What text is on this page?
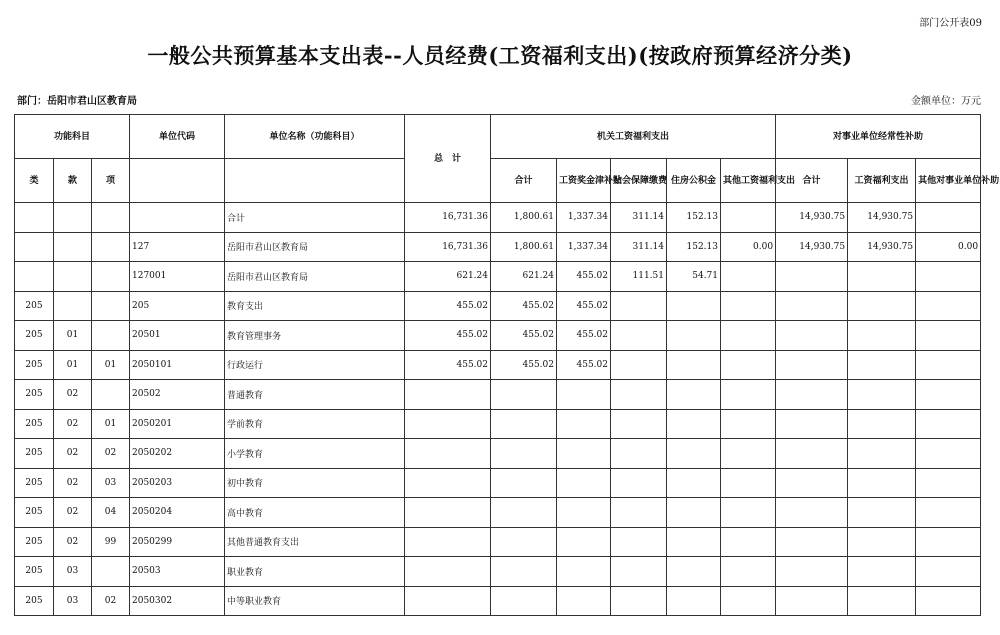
部门公开表09
一般公共预算基本支出表--人员经费(工资福利支出)(按政府预算经济分类)
部门：岳阳市君山区教育局	金额单位：万元
功能科目			单位代码	单位名称（功能科目）	总　计	机关工资福利支出					对事业单位经常性补助		
类	款	项											
						合计	工资奖金津补贴	社会保障缴费	住房公积金	其他工资福利支出	合计	工资福利支出	其他对事业单位补助
				合计	16,731.36	1,800.61	1,337.34	311.14	152.13		14,930.75	14,930.75	
			127	岳阳市君山区教育局	16,731.36	1,800.61	1,337.34	311.14	152.13	0.00	14,930.75	14,930.75	0.00
			127001	岳阳市君山区教育局	621.24	621.24	455.02	111.51	54.71				
205			205	教育支出	455.02	455.02	455.02						
205	01		20501	教育管理事务	455.02	455.02	455.02						
205	01	01	2050101	行政运行	455.02	455.02	455.02						
205	02		20502	普通教育									
205	02	01	2050201	学前教育									
205	02	02	2050202	小学教育									
205	02	03	2050203	初中教育									
205	02	04	2050204	高中教育									
205	02	99	2050299	其他普通教育支出									
205	03		20503	职业教育									
205	03	02	2050302	中等职业教育									
